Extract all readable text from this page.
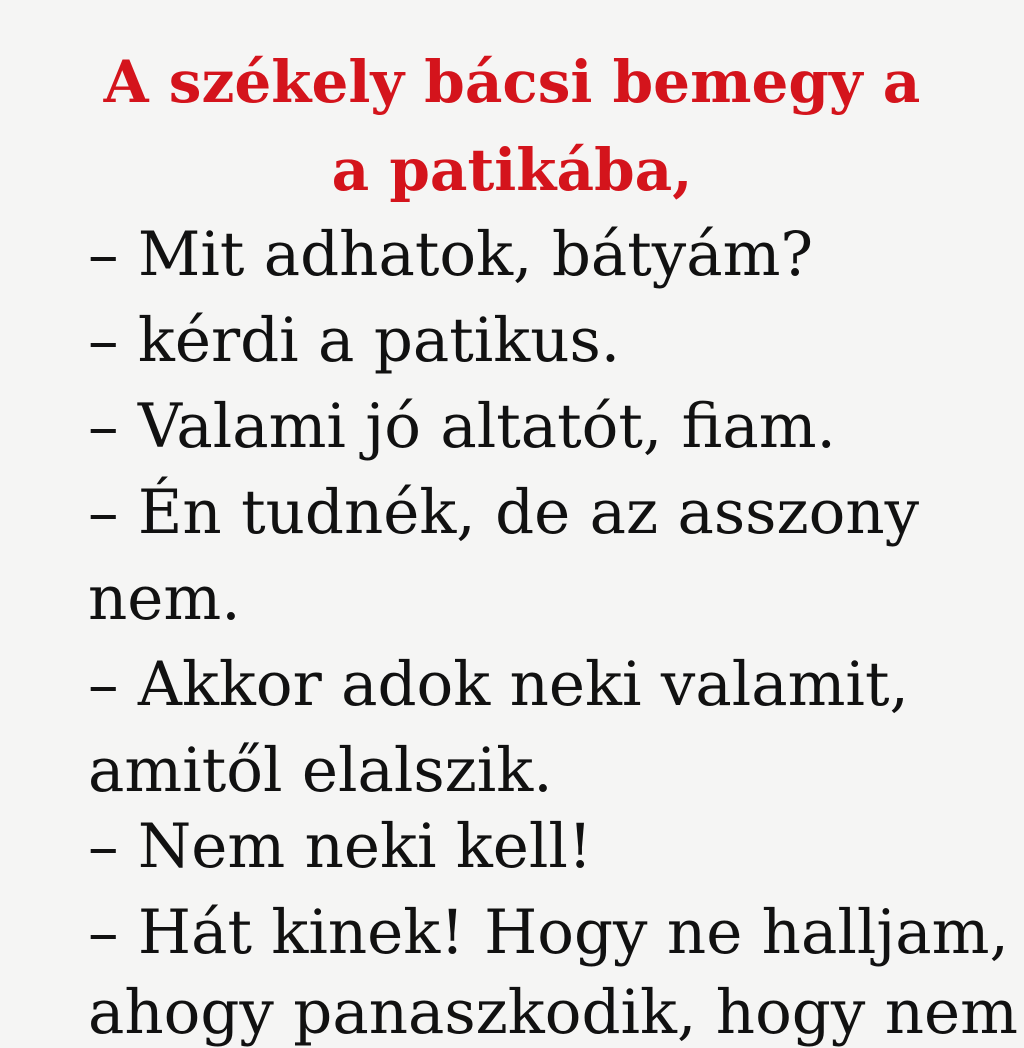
A székely bácsi bemegy a
a patikába,

– Mit adhatok, bátyám?

– kérdi a patikus.

– Valami jó altatót, fiam.

– Én tudnék, de az asszony

nem.

– Akkor adok neki valamit,

amitől elalszik.

– Nem neki kell!

– Hát kinek! Hogy ne halljam,

ahogy panaszkodik, hogy nem
